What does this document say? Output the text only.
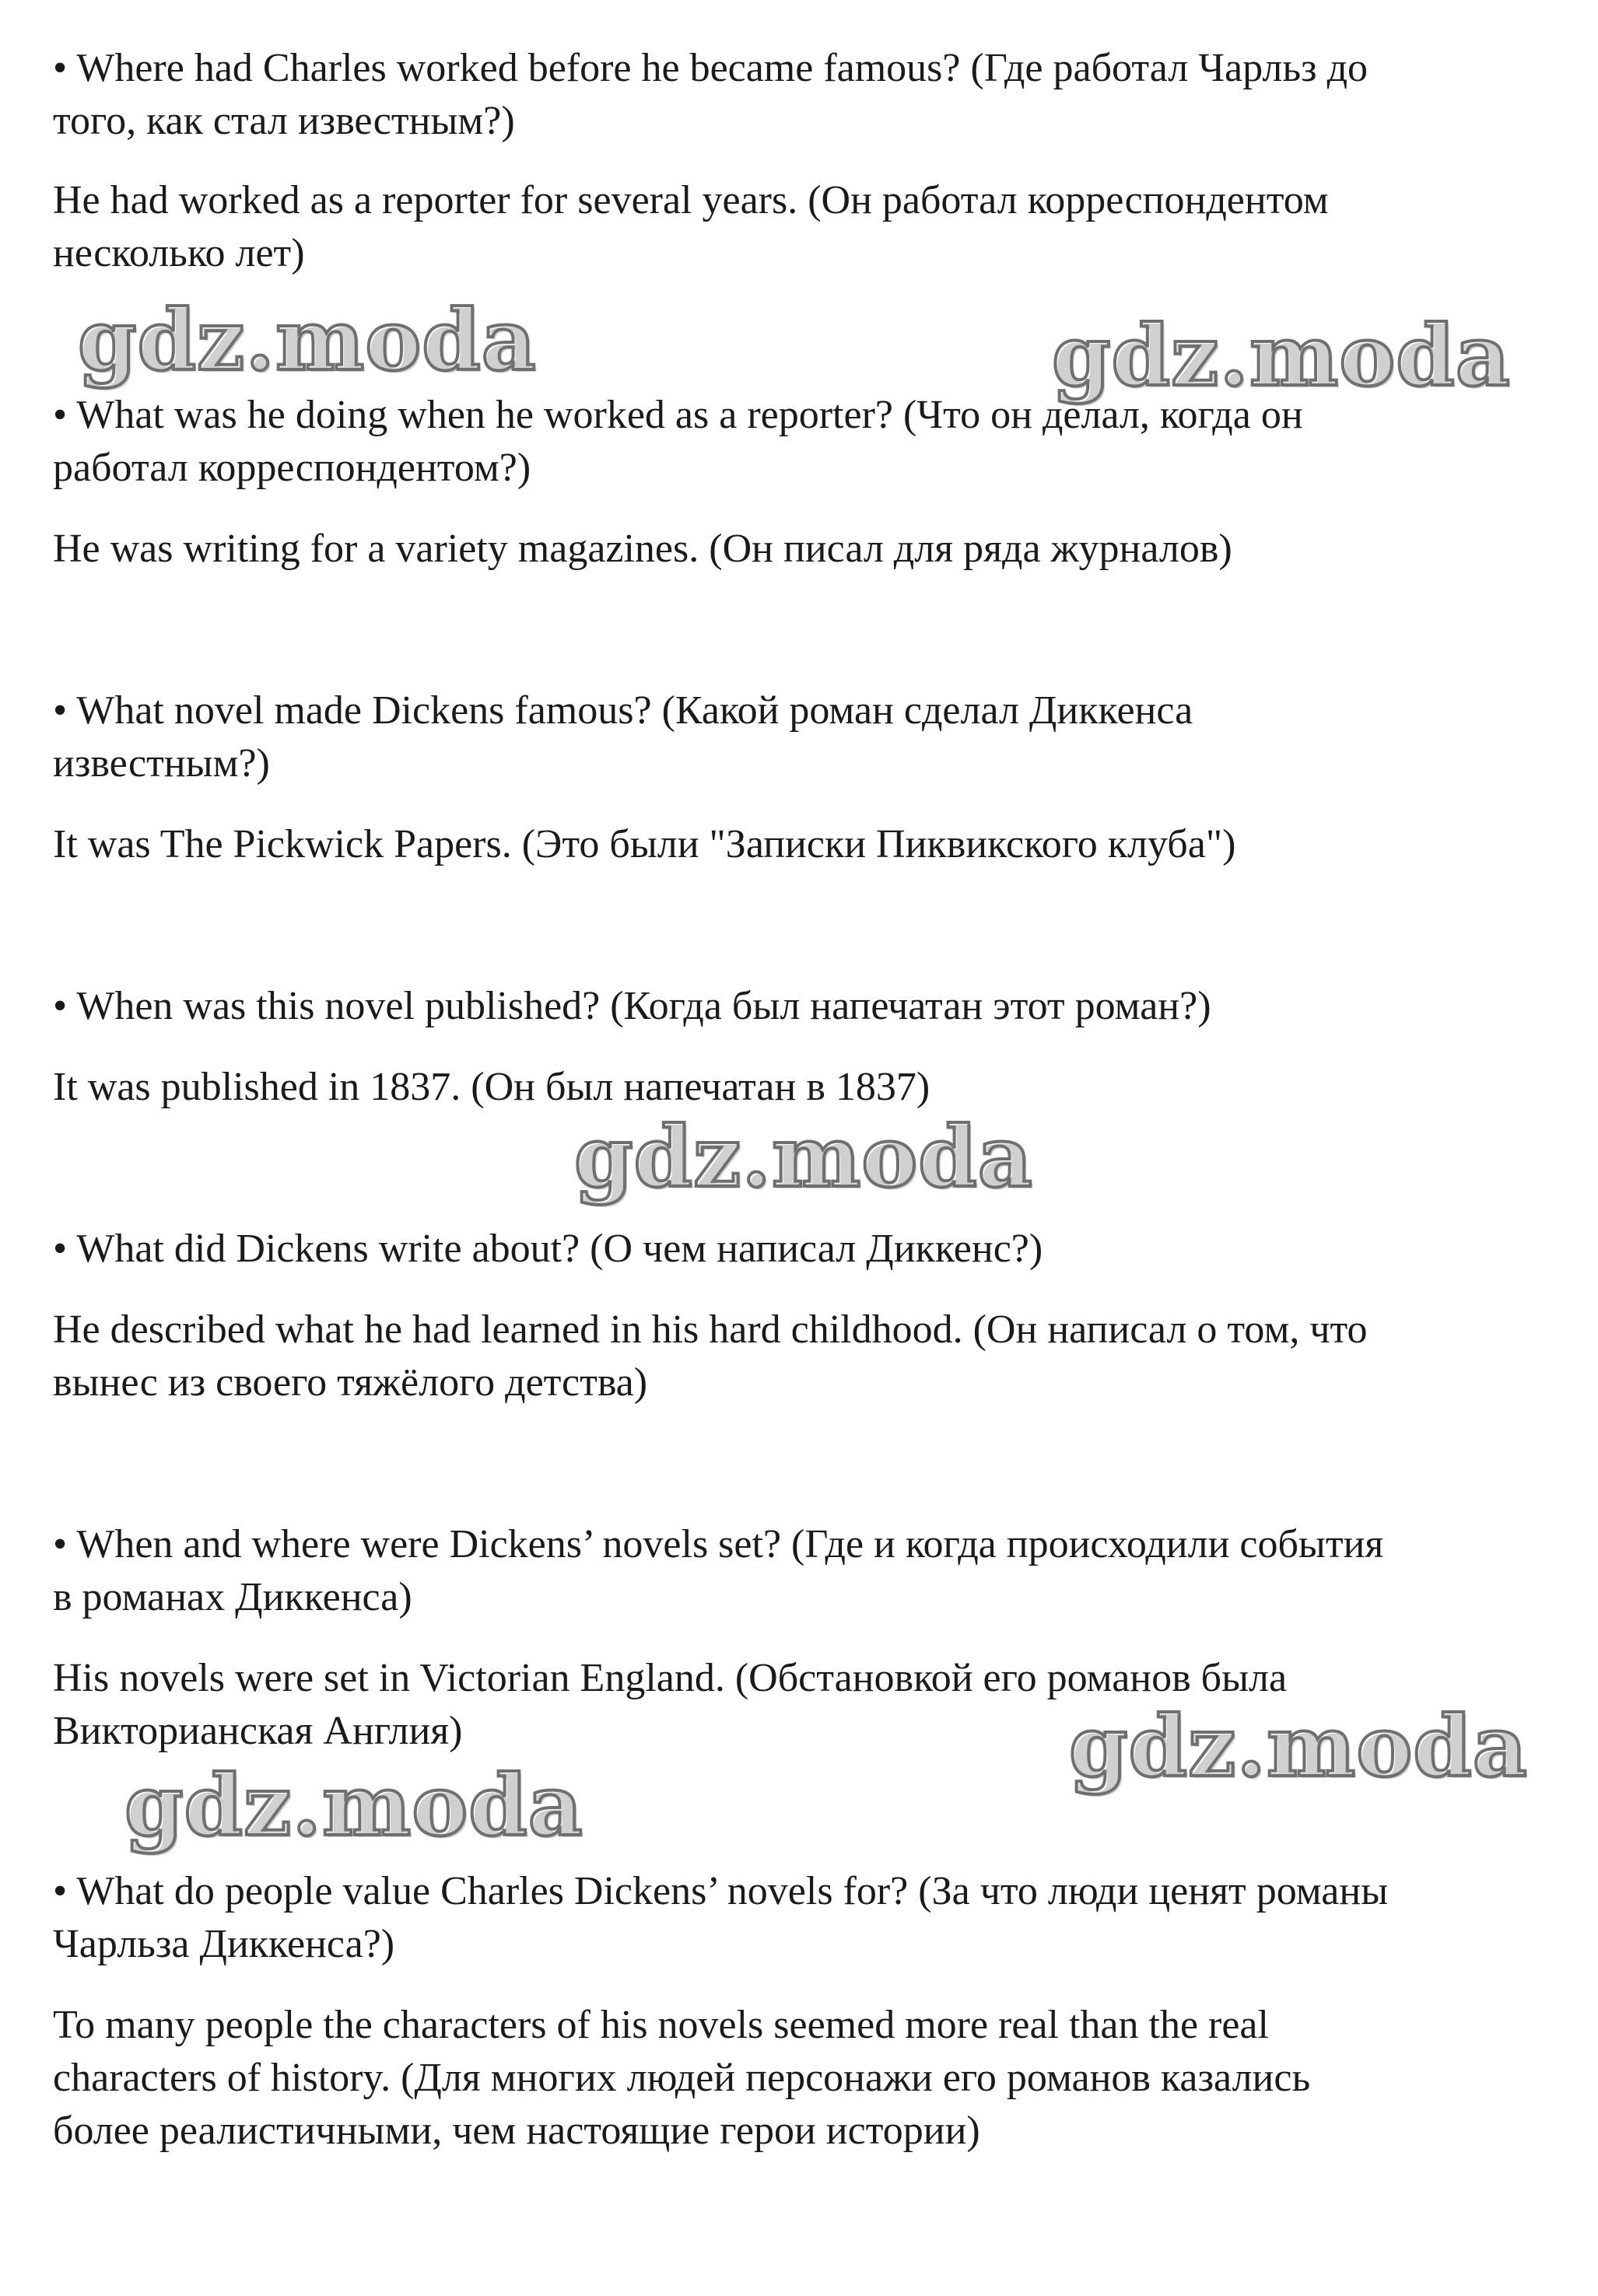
gdz.moda	gdz.moda
gdz.moda
gdz.moda
gdz.moda

• Where had Charles worked before he became famous? (Где работал Чарльз до

того, как стал известным?)

He had worked as a reporter for several years. (Он работал корреспондентом

несколько лет)

• What was he doing when he worked as a reporter? (Что он делал, когда он

работал корреспондентом?)

He was writing for a variety magazines. (Он писал для ряда журналов)

• What novel made Dickens famous? (Какой роман сделал Диккенса

известным?)

It was The Pickwick Papers. (Это были "Записки Пиквикского клуба")

• When was this novel published? (Когда был напечатан этот роман?)

It was published in 1837. (Он был напечатан в 1837)

• What did Dickens write about? (О чем написал Диккенс?)

He described what he had learned in his hard childhood. (Он написал о том, что

вынес из своего тяжёлого детства)

• When and where were Dickens’ novels set? (Где и когда происходили события

в романах Диккенса)

His novels were set in Victorian England. (Обстановкой его романов была

Викторианская Англия)

• What do people value Charles Dickens’ novels for? (За что люди ценят романы

Чарльза Диккенса?)

To many people the characters of his novels seemed more real than the real

characters of history. (Для многих людей персонажи его романов казались

более реалистичными, чем настоящие герои истории)
